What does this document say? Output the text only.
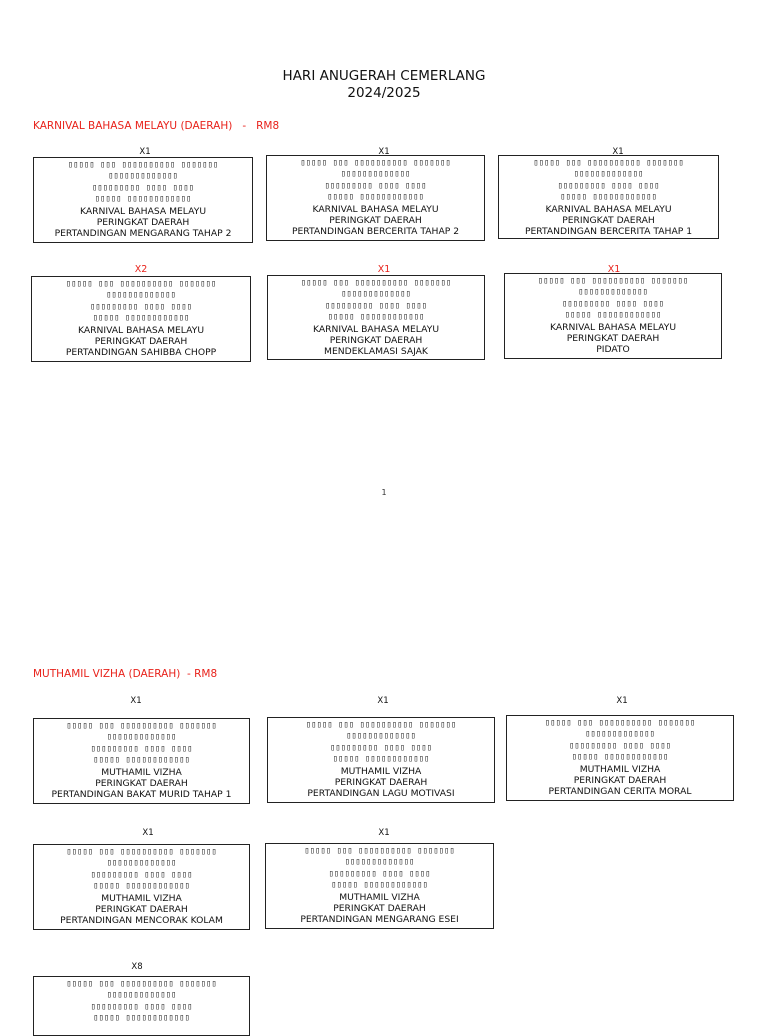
HARI ANUGERAH CEMERLANG
2024/2025
KARNIVAL BAHASA MELAYU (DAERAH)   -   RM8
X1
▯▯▯▯▯ ▯▯▯ ▯▯▯▯▯▯▯▯▯▯ ▯▯▯▯▯▯▯
▯▯▯▯▯▯▯▯▯▯▯▯▯
▯▯▯▯▯▯▯▯▯ ▯▯▯▯ ▯▯▯▯
▯▯▯▯▯ ▯▯▯▯▯▯▯▯▯▯▯▯
KARNIVAL BAHASA MELAYU
PERINGKAT DAERAH
PERTANDINGAN MENGARANG TAHAP 2
X1
▯▯▯▯▯ ▯▯▯ ▯▯▯▯▯▯▯▯▯▯ ▯▯▯▯▯▯▯
▯▯▯▯▯▯▯▯▯▯▯▯▯
▯▯▯▯▯▯▯▯▯ ▯▯▯▯ ▯▯▯▯
▯▯▯▯▯ ▯▯▯▯▯▯▯▯▯▯▯▯
KARNIVAL BAHASA MELAYU
PERINGKAT DAERAH
PERTANDINGAN BERCERITA TAHAP 2
X1
▯▯▯▯▯ ▯▯▯ ▯▯▯▯▯▯▯▯▯▯ ▯▯▯▯▯▯▯
▯▯▯▯▯▯▯▯▯▯▯▯▯
▯▯▯▯▯▯▯▯▯ ▯▯▯▯ ▯▯▯▯
▯▯▯▯▯ ▯▯▯▯▯▯▯▯▯▯▯▯
KARNIVAL BAHASA MELAYU
PERINGKAT DAERAH
PERTANDINGAN BERCERITA TAHAP 1
X2
▯▯▯▯▯ ▯▯▯ ▯▯▯▯▯▯▯▯▯▯ ▯▯▯▯▯▯▯
▯▯▯▯▯▯▯▯▯▯▯▯▯
▯▯▯▯▯▯▯▯▯ ▯▯▯▯ ▯▯▯▯
▯▯▯▯▯ ▯▯▯▯▯▯▯▯▯▯▯▯
KARNIVAL BAHASA MELAYU
PERINGKAT DAERAH
PERTANDINGAN SAHIBBA CHOPP
X1
▯▯▯▯▯ ▯▯▯ ▯▯▯▯▯▯▯▯▯▯ ▯▯▯▯▯▯▯
▯▯▯▯▯▯▯▯▯▯▯▯▯
▯▯▯▯▯▯▯▯▯ ▯▯▯▯ ▯▯▯▯
▯▯▯▯▯ ▯▯▯▯▯▯▯▯▯▯▯▯
KARNIVAL BAHASA MELAYU
PERINGKAT DAERAH
MENDEKLAMASI SAJAK
X1
▯▯▯▯▯ ▯▯▯ ▯▯▯▯▯▯▯▯▯▯ ▯▯▯▯▯▯▯
▯▯▯▯▯▯▯▯▯▯▯▯▯
▯▯▯▯▯▯▯▯▯ ▯▯▯▯ ▯▯▯▯
▯▯▯▯▯ ▯▯▯▯▯▯▯▯▯▯▯▯
KARNIVAL BAHASA MELAYU
PERINGKAT DAERAH
PIDATO
1
MUTHAMIL VIZHA (DAERAH)  - RM8
X1
▯▯▯▯▯ ▯▯▯ ▯▯▯▯▯▯▯▯▯▯ ▯▯▯▯▯▯▯
▯▯▯▯▯▯▯▯▯▯▯▯▯
▯▯▯▯▯▯▯▯▯ ▯▯▯▯ ▯▯▯▯
▯▯▯▯▯ ▯▯▯▯▯▯▯▯▯▯▯▯
MUTHAMIL VIZHA
PERINGKAT DAERAH
PERTANDINGAN BAKAT MURID TAHAP 1
X1
▯▯▯▯▯ ▯▯▯ ▯▯▯▯▯▯▯▯▯▯ ▯▯▯▯▯▯▯
▯▯▯▯▯▯▯▯▯▯▯▯▯
▯▯▯▯▯▯▯▯▯ ▯▯▯▯ ▯▯▯▯
▯▯▯▯▯ ▯▯▯▯▯▯▯▯▯▯▯▯
MUTHAMIL VIZHA
PERINGKAT DAERAH
PERTANDINGAN LAGU MOTIVASI
X1
▯▯▯▯▯ ▯▯▯ ▯▯▯▯▯▯▯▯▯▯ ▯▯▯▯▯▯▯
▯▯▯▯▯▯▯▯▯▯▯▯▯
▯▯▯▯▯▯▯▯▯ ▯▯▯▯ ▯▯▯▯
▯▯▯▯▯ ▯▯▯▯▯▯▯▯▯▯▯▯
MUTHAMIL VIZHA
PERINGKAT DAERAH
PERTANDINGAN CERITA MORAL
X1
▯▯▯▯▯ ▯▯▯ ▯▯▯▯▯▯▯▯▯▯ ▯▯▯▯▯▯▯
▯▯▯▯▯▯▯▯▯▯▯▯▯
▯▯▯▯▯▯▯▯▯ ▯▯▯▯ ▯▯▯▯
▯▯▯▯▯ ▯▯▯▯▯▯▯▯▯▯▯▯
MUTHAMIL VIZHA
PERINGKAT DAERAH
PERTANDINGAN MENCORAK KOLAM
X1
▯▯▯▯▯ ▯▯▯ ▯▯▯▯▯▯▯▯▯▯ ▯▯▯▯▯▯▯
▯▯▯▯▯▯▯▯▯▯▯▯▯
▯▯▯▯▯▯▯▯▯ ▯▯▯▯ ▯▯▯▯
▯▯▯▯▯ ▯▯▯▯▯▯▯▯▯▯▯▯
MUTHAMIL VIZHA
PERINGKAT DAERAH
PERTANDINGAN MENGARANG ESEI
X8
▯▯▯▯▯ ▯▯▯ ▯▯▯▯▯▯▯▯▯▯ ▯▯▯▯▯▯▯
▯▯▯▯▯▯▯▯▯▯▯▯▯
▯▯▯▯▯▯▯▯▯ ▯▯▯▯ ▯▯▯▯
▯▯▯▯▯ ▯▯▯▯▯▯▯▯▯▯▯▯
